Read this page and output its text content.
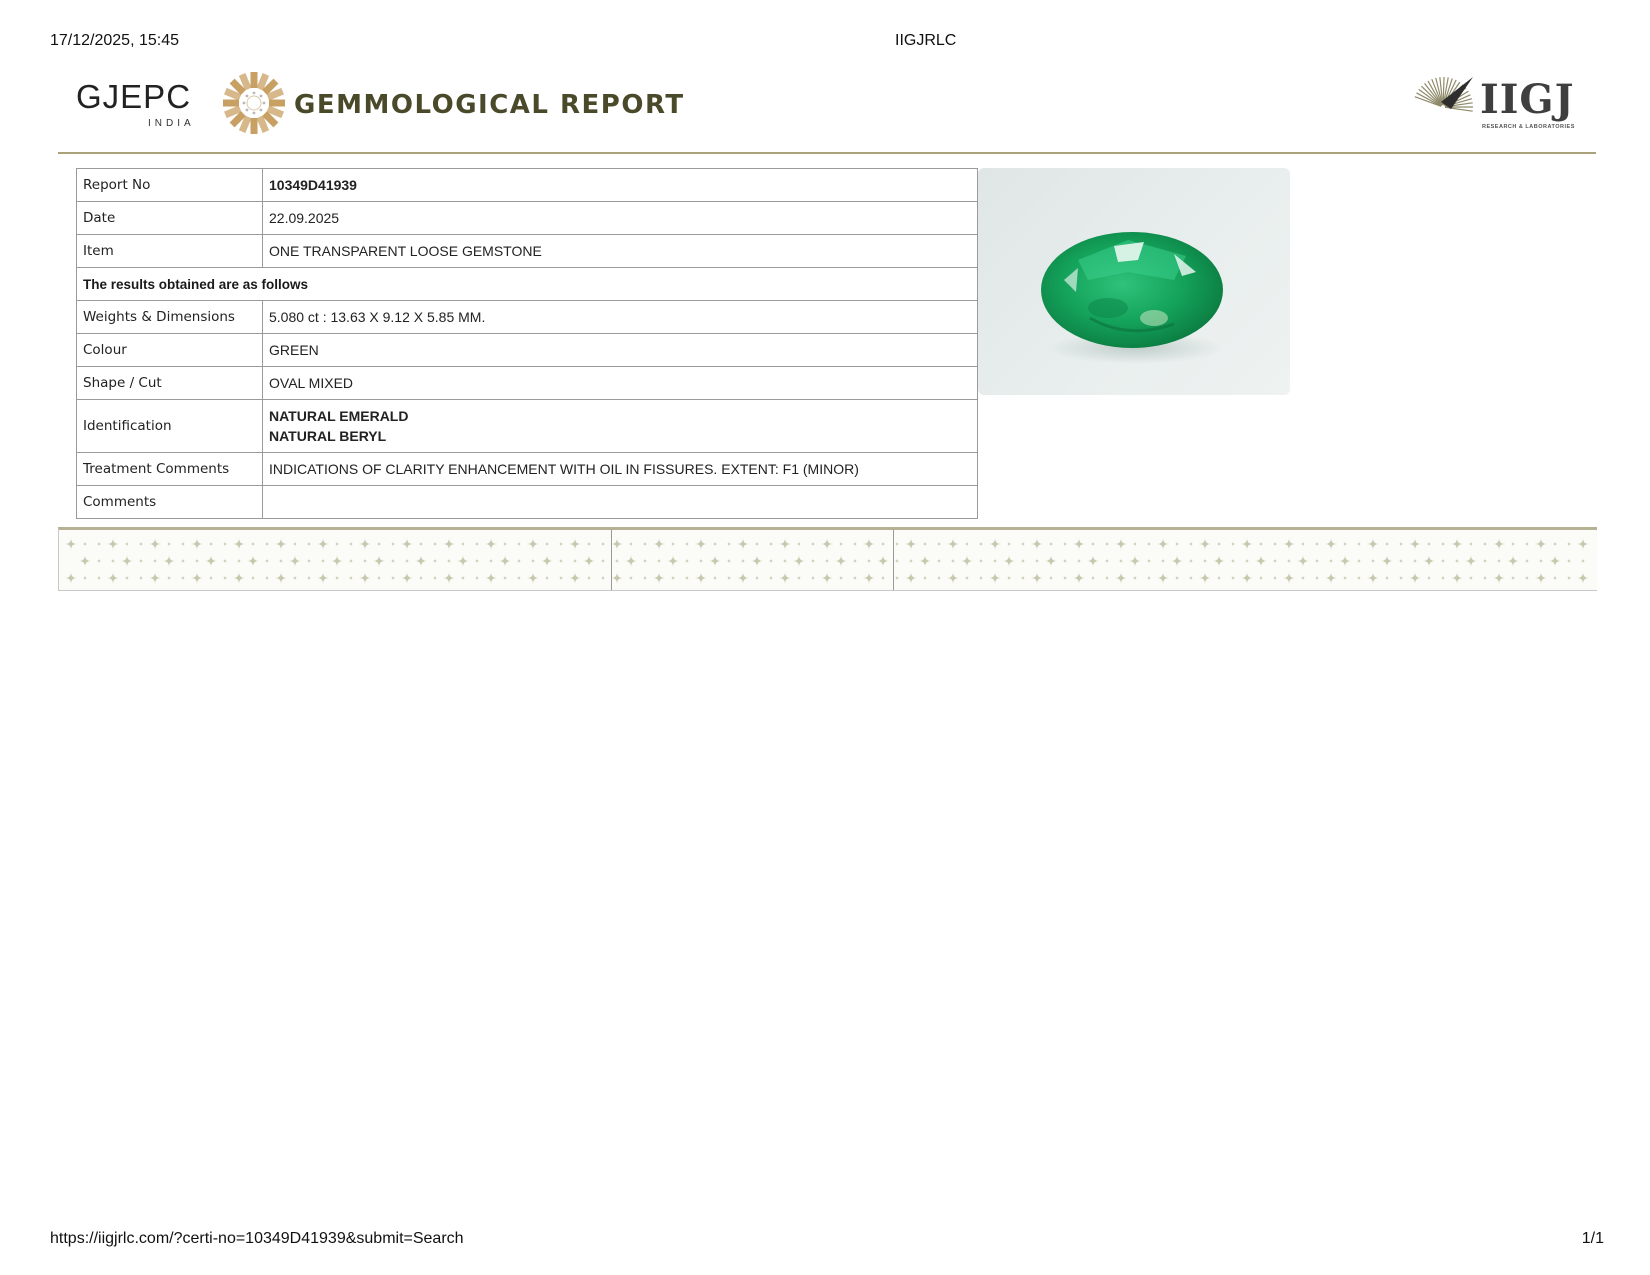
17/12/2025, 15:45	IIGJRLC
GJEPC
INDIA
GEMMOLOGICAL REPORT	IIGJ
RESEARCH & LABORATORIES
Report No	10349D41939
Date	22.09.2025
Item	ONE TRANSPARENT LOOSE GEMSTONE
The results obtained are as follows	
Weights & Dimensions	5.080 ct : 13.63 X 9.12 X 5.85 MM.
Colour	GREEN
Shape / Cut	OVAL MIXED
Identification	NATURAL EMERALD
NATURAL BERYL

Treatment Comments	INDICATIONS OF CLARITY ENHANCEMENT WITH OIL IN FISSURES. EXTENT: F1 (MINOR)
Comments	
https://iigjrlc.com/?certi-no=10349D41939&submit=Search	1/1
